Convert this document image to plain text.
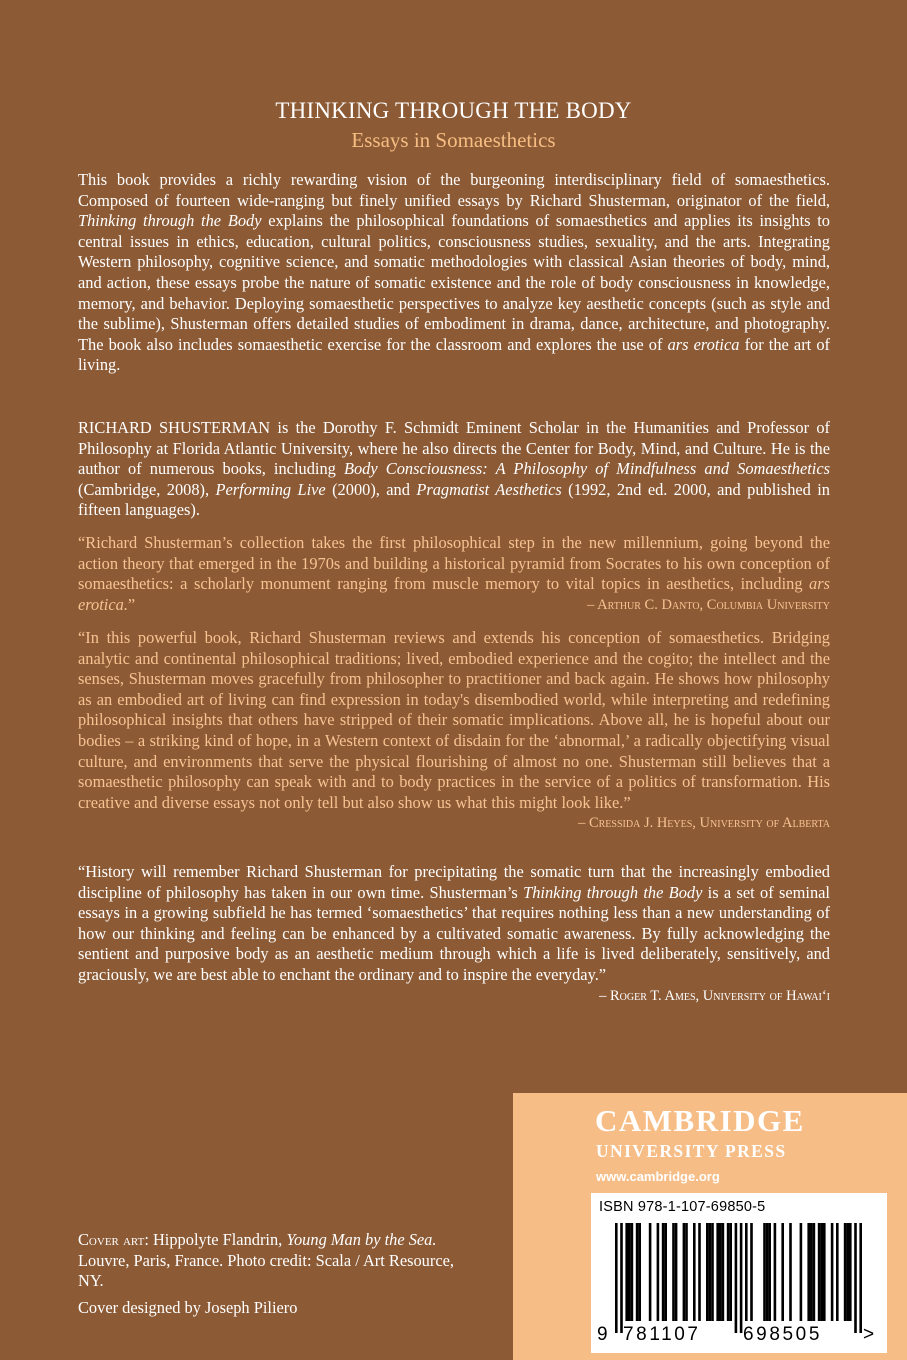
THINKING THROUGH THE BODY
Essays in Somaesthetics
This book provides a richly rewarding vision of the burgeoning interdisciplinary field of somaesthetics. Composed of fourteen wide-ranging but finely unified essays by Richard Shusterman, originator of the field, Thinking through the Body explains the philosophical foundations of somaesthetics and applies its insights to central issues in ethics, education, cultural politics, consciousness studies, sexuality, and the arts. Integrating Western philosophy, cognitive science, and somatic methodologies with classical Asian theories of body, mind, and action, these essays probe the nature of somatic existence and the role of body consciousness in knowledge, memory, and behavior. Deploying somaesthetic perspectives to analyze key aesthetic concepts (such as style and the sublime), Shusterman offers detailed studies of embodiment in drama, dance, architecture, and photography. The book also includes somaesthetic exercise for the classroom and explores the use of ars erotica for the art of living.
RICHARD SHUSTERMAN is the Dorothy F. Schmidt Eminent Scholar in the Humanities and Professor of Philosophy at Florida Atlantic University, where he also directs the Center for Body, Mind, and Culture. He is the author of numerous books, including Body Consciousness: A Philosophy of Mindfulness and Somaesthetics (Cambridge, 2008), Performing Live (2000), and Pragmatist Aesthetics (1992, 2nd ed. 2000, and published in fifteen languages).
“Richard Shusterman’s collection takes the first philosophical step in the new millennium, going beyond the action theory that emerged in the 1970s and building a historical pyramid from Socrates to his own conception of somaesthetics: a scholarly monument ranging from muscle memory to vital topics in aesthetics, including ars erotica.”	– Arthur C. Danto, Columbia University
“In this powerful book, Richard Shusterman reviews and extends his conception of somaesthetics. Bridging analytic and continental philosophical traditions; lived, embodied experience and the cogito; the intellect and the senses, Shusterman moves gracefully from philosopher to practitioner and back again. He shows how philosophy as an embodied art of living can find expression in today's disembodied world, while interpreting and redefining philosophical insights that others have stripped of their somatic implications. Above all, he is hopeful about our bodies – a striking kind of hope, in a Western context of disdain for the ‘abnormal,’ a radically objectifying visual culture, and environments that serve the physical flourishing of almost no one. Shusterman still believes that a somaesthetic philosophy can speak with and to body practices in the service of a politics of transformation. His creative and diverse essays not only tell but also show us what this might look like.”
– Cressida J. Heyes, University of Alberta
“History will remember Richard Shusterman for precipitating the somatic turn that the increasingly embodied discipline of philosophy has taken in our own time. Shusterman’s Thinking through the Body is a set of seminal essays in a growing subfield he has termed ‘somaesthetics’ that requires nothing less than a new understanding of how our thinking and feeling can be enhanced by a cultivated somatic awareness. By fully acknowledging the sentient and purposive body as an aesthetic medium through which a life is lived deliberately, sensitively, and graciously, we are best able to enchant the ordinary and to inspire the everyday.”
– Roger T. Ames, University of Hawai‘i
Cover art: Hippolyte Flandrin, Young Man by the Sea. Louvre, Paris, France. Photo credit: Scala / Art Resource, NY.
Cover designed by Joseph Piliero
CAMBRIDGE
UNIVERSITY PRESS
www.cambridge.org
ISBN 978-1-107-69850-5
9 781107 698505 >
